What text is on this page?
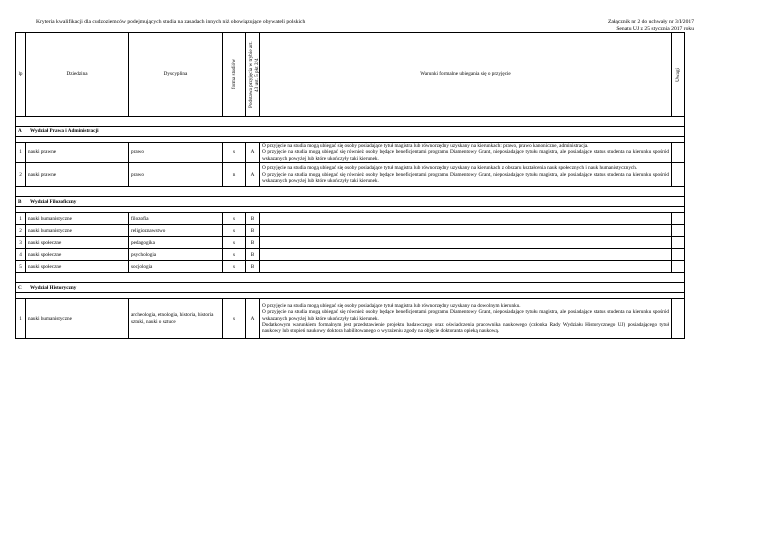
Kryteria kwalifikacji dla cudzoziemców podejmujących studia na zasadach innych niż obowiązujące obywateli polskich	Załącznik nr 2 do uchwały nr 3/I/2017
Senatu UJ z 25 stycznia 2017 roku
lp	Dziedzina	Dyscyplina	forma studiów	Podstawa przyjęcia w trybie art. 43 ust. 5 pkt 2/4	Warunki formalne ubiegania się o przyjęcie	Uwagi

A Wydział Prawa i Administracji						

1	nauki prawne	prawo	s	A	O przyjęcie na studia mogą ubiegać się osoby posiadające tytuł magistra lub równorzędny uzyskany na kierunkach: prawo, prawo kanoniczne, administracja.
O przyjęcie na studia mogą ubiegać się również osoby będące beneficjentami programu Diamentowy Grant, nieposiadające tytułu magistra, ale posiadające status studenta na kierunku spośród wskazanych powyżej lub które ukończyły taki kierunek.	

2	nauki prawne	prawo	n	A	O przyjęcie na studia mogą ubiegać się osoby posiadające tytuł magistra lub równorzędny uzyskany na kierunkach z obszaru kształcenia nauk społecznych i nauk humanistycznych.
O przyjęcie na studia mogą ubiegać się również osoby będące beneficjentami programu Diamentowy Grant, nieposiadające tytułu magistra, ale posiadające status studenta na kierunku spośród wskazanych powyżej lub które ukończyły taki kierunek.	

B Wydział Filozoficzny						

1	nauki humanistyczne	filozofia	s	B		
2	nauki humanistyczne	religioznawstwo	s	B		
3	nauki społeczne	pedagogika	s	B		
4	nauki społeczne	psychologia	s	B		
5	nauki społeczne	socjologia	s	B		

C Wydział Historyczny						

1	nauki humanistyczne	archeologia, etnologia, historia, historia sztuki, nauki o sztuce	s	A	O przyjęcie na studia mogą ubiegać się osoby posiadające tytuł magistra lub równorzędny uzyskany na dowolnym kierunku.
O przyjęcie na studia mogą ubiegać się również osoby będące beneficjentami programu Diamentowy Grant, nieposiadające tytułu magistra, ale posiadające status studenta na kierunku spośród wskazanych powyżej lub które ukończyły taki kierunek.
Dodatkowym warunkiem formalnym jest przedstawienie projektu badawczego oraz oświadczenia pracownika naukowego (członka Rady Wydziału Historycznego UJ) posiadającego tytuł naukowy lub stopień naukowy doktora habilitowanego o wyrażeniu zgody na objęcie doktoranta opieką naukową.	
